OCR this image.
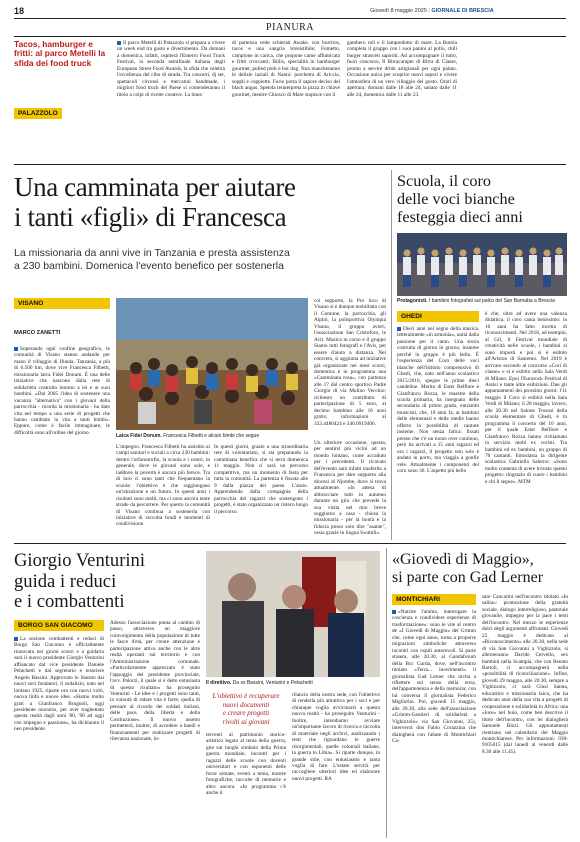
18	Giovedì 8 maggio 2025 | GIORNALE DI BRESCIA
PIANURA
Tacos, hamburger e fritti: al parco Metelli la sfida dei food truck
PALAZZOLO
Il parco Metelli di Palazzolo si prepara a vivere un week end tra gusto e divertimento. Da domani a domenica, infatti, ospiterà l'Enterro Food Truck Festival, la seconda semifinale italiana degli European Street Food Awards, la sfida che celebra l'eccellenza del cibo di strada. Tra concerti, dj set, spettacoli circensi e mercatini handmade, i migliori food truck del Paese si contenderanno il titolo a colpi di ricette creative. La linea
di partenza vede schierati Awake, con burritos, tacos e una sangria irresistibile; Fumetto, campione in carica, che propone carne affumicata e fritti croccanti; Billis, specialità in hamburger gourmet, pulled pork e hot dog. Non mancheranno le delizie laziali di Nanni: porchetta di Ariccia, supplì e coppiette. Furio porta il sapore deciso del black angus. Spenda reinterpreta la pizza in chiave gourmet, mentre Chiosco di Mare stupisce con il
gambero roll e il lampredotto di mare. La Botola completa il gruppo con i suoi panini al pollo, chili burger strasceti saporiti. Ad accompagnare il tutto, fuori concorso, Il Birracamper di Birra di Classe, pronto a servire drink artigianali per ogni palato. Occasione unica per scoprire nuovi sapori e vivere l'atmosfera di un vero villaggio del gusto. Orari di apertura: domani dalle 18 alle 24, sabato dalle 11 alle 24, domenica dalle 11 alle 23.
Una camminata per aiutare
i tanti «figli» di Francesca
La missionaria da anni vive in Tanzania e presta assistenza
a 230 bambini. Domenica l'evento benefico per sostenerla
VISANO
MARCO ZANETTI
Superando ogni confine geografico, le comunità di Visano stanno andando per mano il villaggio di Ifunda, Tanzania, a più di 6.500 km, dove vive Francesca Filbetti, missionaria laica Fidei Donum. È una delle iniziative che nascono dalla rete di solidarietà costruita intorno a lei e ai suoi bambini. «Dal 2005 l'idea di sostenere una vacanza "alternativa" con i giovani della parrocchia - ricorda la missionaria - ha dato vita nel tempo a una serie di progetti che hanno cambiato la vita a tanti bimbi». Eppure, come è facile immaginare, le difficoltà sono all'ordine del giorno.
Laica Fidei Donum. Francesca Filbetti e alcuni bimbi che segue
L'impegno. Francesca Filbetti ha assistito ai campi sanitari e sociali a circa 230 bambini: dentro l'orfanotrofio, la scuola e i centri, in generale, dove le giovani sono sole, e laddove la povertà è ancora più feroce. Tra di loro ci sono tanti che frequentano la scuola: l'obiettivo è che raggiungano un'istruzione e un futuro. In questi anni i risultati sono molti, ma ci sono ancora tante strade da percorrere. Per questo la comunità di Visano continua a sostenerla con iniziative di raccolta fondi e momenti di condivisione.
In questi giorni, grazie a una straordinaria rete di volontariato, si sta preparando la camminata benefica che si terrà domenica 11 maggio. Non ci sarà un percorso competitivo, ma un momento di festa per tutta la comunità. La partenza è fissata alle 9 dalla piazza del paese. L'aiuto. Apprendendo dalla compagnia della parrocchia dei ragazzi che sostengono i progetti, è stato organizzato un ristoro lungo il percorso.
coi sopporto, la Pro loco di Visano si è dunque mobilitata con il Comune, la parrocchia, gli Alpini, la polisportiva Olympia Visano, il gruppo avieri, l'associazione San Cristoforo, le Acli. Musica in corso e il gruppo Siamo tutti fotografi e l'Avis, per essere d'aiuto a distanza. Nel concreto, si aggiunta ad iniziative già organizzate nei mesi scorsi, domenica è in programma una «Camminata rosa», con partenza alle 17 dal centro sportivo Padre Giorgio di via Mulino Vecchio: richiesto un contributo di partecipazione di 5 euro, al decimo bambino alle 16 anni gratis; informazioni al 333.4480424 e 340.0919406.
Un ulteriore occasione, questa, per sentirsi più vicini ad un mondo lontano, come accaduto per i precedenti. Il ricavato dell'evento sarà infatti trasferito a Francesca per dare supporto alla diocesi di Njombe, dove si trova attualmente. «In attesa di abbracciare tutti in autunno durante un giro che prevede la sua visita nel mio breve soggiorno a casa - chiosa la missionaria - per la bontà e la fiducia posso solo dire "asante", ossia grazie in lingua Swahili».
Scuola, il coro
delle voci bianche
festeggia dieci anni
Protagonisti. I bambini fotografati sul palco del San Barnaba a Brescia
GHEDI
Dieci anni nel segno della musica, letteralmente «in armonia», unità dalla passione per il canto. Una storia costruita di giorno in giorno, insieme perché in gruppo è più bello. È l'esperienza del Coro delle voci bianche dell'istituto comprensivo di Ghedi, che, nato nell'anno scolastico 2015/2016, spegne le prime dieci candeline. Merito di Ester Belfiore e Gianfranco Rozza, le maestre della scuola primaria, ha insegnato delle secondaria di primo grado, entrambi musicisti, che, 10 anni fa, ai bambini delle elementari e delle medie hanno offerto la possibilità di cantare insieme. Non senza fatica: fissati presso che c'è un tuono over continuo, però ha arrivati a 15 anni ragazzi ed ora i ragazzi, il progetto non solo è andato in porto, ma viaggia a gonfie vele. Attualmente i componenti del coro sono 36. L'aspetto più bello
è che, oltre ad avere una valenza didattica, il coro canta benissimo: in 10 anni ha fatto incetta di riconoscimenti. Nel 2018, ad esempio, al Grl, il Festival mondiale di creatività nelle scuole, i bambini si sono imposti e poi si è esibito all'Ariston di Sanremo. Nel 2019 è arrivato secondo al concorso «Cori di classe» e si è esibito nella Sala Verdi di Milano. Epoi l'Eurorock Festival di Assisi e tante altre esibizioni. Due gli appuntamenti dei prossimi giorni: l'11 maggio il Coro si esibirà nella Sala Verdi di Milano; il 28 maggio, invece, alle 20.30 nel Salone Trososi della scuola elementare di Ghedi, è in programma il concerto del 10 anni, per il quale Ester Belfiore e Gianfranco Rozza hanno richiamato in servizio molti ex coristi. Tra bambini ed ex bambini, un gruppo di 70 cantanti. Entusiasta la dirigente scolastica Gabriella Salerno: «Sono molto contenta di avere trovato questo progetto: ringrazio di cuore i bambini e chi li segue». MTM
Giorgio Venturini
guida i reduci
e i combattenti
BORGO SAN GIACOMO
La sezione combattenti e reduci di Borgo San Giacomo è ufficialmente rinnovata nei giorni scorsi e a guidarla sarà il nuovo presidente Giorgio Venturini affiancato dal vice presidente Daniele Pelachetti e dal segretario e tesoriere Angelo Bassini. Approvato lo Statuto dai nuovi soci fondatori, il sodalizio, nato nel lontano 1925, riparte ora con nuovi volti, nuova linfa e nuove idee. «Siamo molto grati a Gianfranco Brugnoli, oggi presidente onorario, per aver traghettato questa realtà dagli anni '80, '90 ad oggi con impegno e passione», ha dichiarato il neo presidente.
Adesso l'associazione punta al cambio di passo, attraverso un maggiore coinvolgimento della popolazione di tutte le fasce d'età, per creare attenzione e partecipazione attiva anche con le altre realtà operanti sul territorio e con l'Amministrazione comunale. «Particolarmente apprezzato è stato l'appoggio del presidente provinciale, l'avv. Palorzi, il quale si è detto entusiasta di questo risultato» ha proseguito Venturini - Le idee e i progetti sono tanti, la volontà di ridare vita è forte, quella di pensare al ricordo dei soldati italiani, delle pace, della libertà e della Costituzione». Il nuovo assetto permetterà, inoltre, di accedere a bandi e finanziamenti per realizzare progetti di rilevanza nazionale, in-
Il direttivo. Da sx Bassini, Venturini e Pelachetti
L'obiettivo è recuperare
nuovi documenti
e creare progetti
rivolti ai giovani
terventi al patrimonio storico-artistico legato al tema della guerra, gite sui luoghi simbolo della Prima guerra mondiale, incontri per i ragazzi delle scuole con docenti universitari e con esponenti delle forze armate, eventi a tema, mostre fotografiche, raccolte di memorie e altro ancora. «In programma c'è anche il
rilancio della nostra sede, con l'obiettivo di renderla più attrattiva per i soci e per chiunque voglia avvicinarsi a questa nuova realtà - ha proseguito Venturini - Inoltre, intendiamo avviare un'importante lavoro di ricerca e raccolta di materiale negli archivi, analizzando i testi che riguardano le guerre risorgimentali, quelle coloniali italiane, la guerra in Libia». Si riparte dunque, in grande stile, con entusiasmo e tanta voglia di fare. L'estate servirà per raccogliere ulteriori idee ed elaborare nuovi progetti. RA
«Giovedì di Maggio»,
si parte con Gad Lerner
MONTICHIARI
«Nutrire l'anima, interrogare la coscienza e condividere esperienze di trasformazione»: sono le vite al centro de «I Giovedì di Maggio» del Grimm che, come ogni anno, torna a proporre migrazioni simboliche attraverso incontri con ospiti autorevoli. Si parte stasera, alle 20.30, al Gandaforum della Bcc Garda, dove, nell'incontro titolato «Terra... incerimenti» il giornalista Gad Lerner che invita a riflettere sul senso della terra, dell'appartenenza e della memoria; con lui conversa il giornalista Federico Migliorini. Poi, giovedì 15 maggio, alle 20.30, alla sede dell'associazione «Grimm-Gentieri di solidarietà a Vighizzolo» via San Giovanni, 25), interverrà don Fabio Corazzina che dialogherà con l'abate di Montichiari Ca-
sare Cancarini nell'incontro titolato «In salita»: promozione della gratuità sociale, dialogo interreligioso, pastorale giovanile, impegno per la pace i temi dell'incontro. Nel mezzo le esperienze dolci degli argomenti affrontati. Giovedì 22 maggio è dedicato al «Riconoscimento» alle 20.30, nella sede di via San Giovanni a Vighizzolo, si alterneranno Davide Cervello, sex bambini nella Scampia, che con Renato Bartoli, ci accompagnerà nella «possibilità di riconciliazione». Infine, giovedì 29 maggio, alle 20.30, sempre a Vighizzolo, ci sarà Giusi Sanna, educatrice e missionaria laica, che ha dedicato anni della sua vita a progetti di cooperazione e solidarietà in Africa: una «luce» nel buio, come ben descrive il titolo dell'incontro, con lei dialogherà Samuele Bizzi. Gli appuntamenti rientrano nel calendario del Maggio montichiarese. Per informazioni: 030-9105015 (dal lunedì al venerdì dalle 8.30 alle 11.45).
